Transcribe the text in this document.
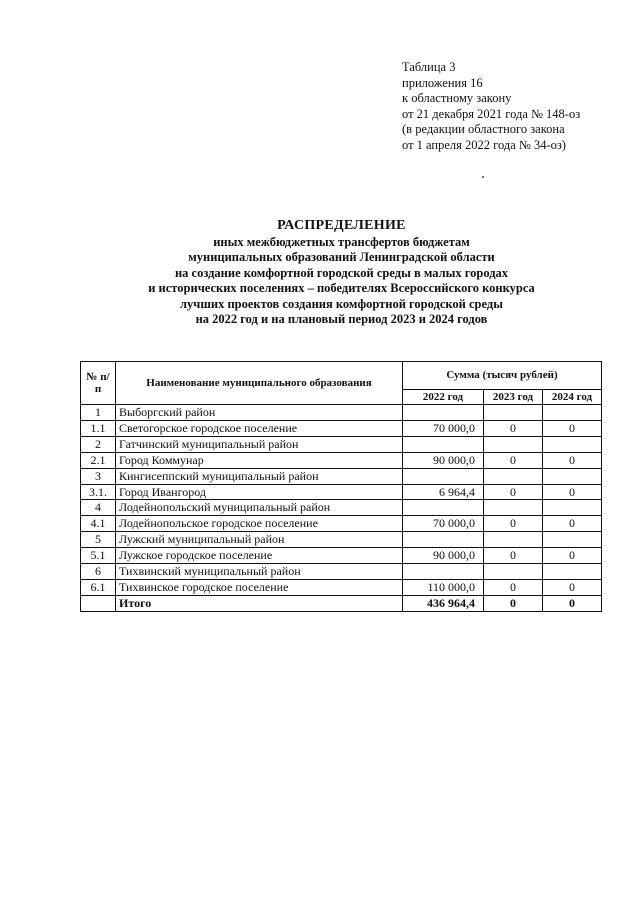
Таблица 3
приложения 16
к областному закону
от 21 декабря 2021 года № 148-оз
(в редакции областного закона
от 1 апреля 2022 года № 34-оз)
РАСПРЕДЕЛЕНИЕ
иных межбюджетных трансфертов бюджетам
муниципальных образований Ленинградской области
на создание комфортной городской среды в малых городах
и исторических поселениях – победителях Всероссийского конкурса
лучших проектов создания комфортной городской среды
на 2022 год и на плановый период 2023 и 2024 годов
№ п/п	Наименование муниципального образования	Сумма (тысяч рублей)		
		2022 год	2023 год	2024 год
1	Выборгский район			
1.1	Светогорское городское поселение	70 000,0	0	0
2	Гатчинский муниципальный район			
2.1	Город Коммунар	90 000,0	0	0
3	Кингисеппский муниципальный район			
3.1.	Город Ивангород	6 964,4	0	0
4	Лодейнопольский муниципальный район			
4.1	Лодейнопольское городское поселение	70 000,0	0	0
5	Лужский муниципальный район			
5.1	Лужское городское поселение	90 000,0	0	0
6	Тихвинский муниципальный район			
6.1	Тихвинское городское поселение	110 000,0	0	0
	Итого	436 964,4	0	0
